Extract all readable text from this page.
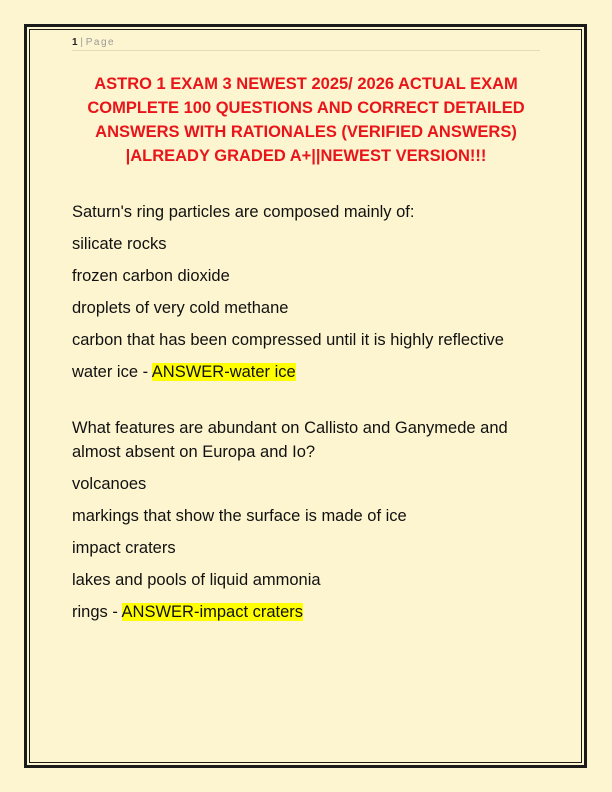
1 | Page
ASTRO 1 EXAM 3 NEWEST 2025/ 2026 ACTUAL EXAM COMPLETE 100 QUESTIONS AND CORRECT DETAILED ANSWERS WITH RATIONALES (VERIFIED ANSWERS) |ALREADY GRADED A+||NEWEST VERSION!!!
Saturn's ring particles are composed mainly of:
silicate rocks
frozen carbon dioxide
droplets of very cold methane
carbon that has been compressed until it is highly reflective
water ice - ANSWER-water ice
What features are abundant on Callisto and Ganymede and almost absent on Europa and Io?
volcanoes
markings that show the surface is made of ice
impact craters
lakes and pools of liquid ammonia
rings - ANSWER-impact craters
